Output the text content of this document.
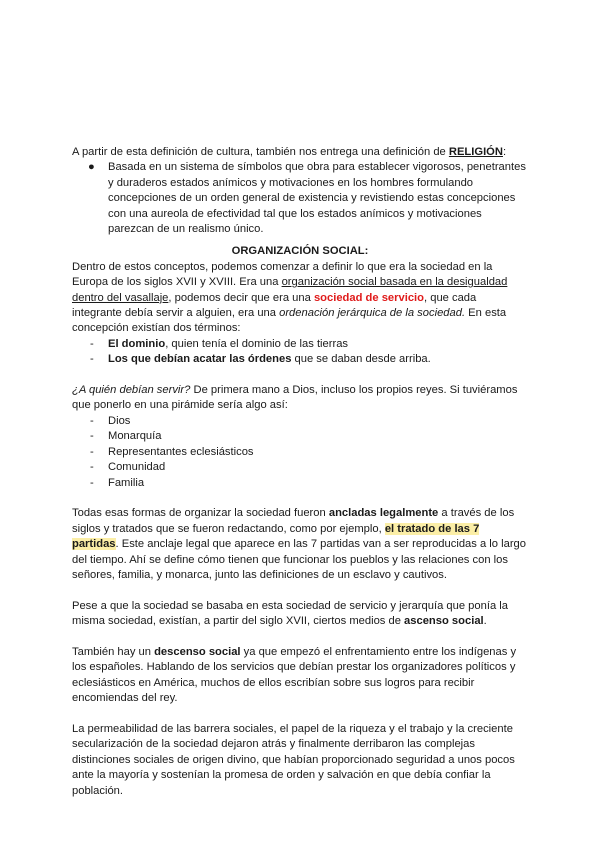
A partir de esta definición de cultura, también nos entrega una definición de RELIGIÓN:

●	Basada en un sistema de símbolos que obra para establecer vigorosos, penetrantes y duraderos estados anímicos y motivaciones en los hombres formulando concepciones de un orden general de existencia y revistiendo estas concepciones con una aureola de efectividad tal que los estados anímicos y motivaciones parezcan de un realismo único.

ORGANIZACIÓN SOCIAL:

Dentro de estos conceptos, podemos comenzar a definir lo que era la sociedad en la Europa de los siglos XVII y XVIII. Era una organización social basada en la desigualdad dentro del vasallaje, podemos decir que era una sociedad de servicio, que cada integrante debía servir a alguien, era una ordenación jerárquica de la sociedad. En esta concepción existían dos términos:

-	El dominio, quien tenía el dominio de las tierras
-	Los que debían acatar las órdenes que se daban desde arriba.

¿A quién debían servir? De primera mano a Dios, incluso los propios reyes. Si tuviéramos que ponerlo en una pirámide sería algo así:

-	Dios
-	Monarquía
-	Representantes eclesiásticos
-	Comunidad
-	Familia

Todas esas formas de organizar la sociedad fueron ancladas legalmente a través de los siglos y tratados que se fueron redactando, como por ejemplo, el tratado de las 7 partidas. Este anclaje legal que aparece en las 7 partidas van a ser reproducidas a lo largo del tiempo. Ahí se define cómo tienen que funcionar los pueblos y las relaciones con los señores, familia, y monarca, junto las definiciones de un esclavo y cautivos.

Pese a que la sociedad se basaba en esta sociedad de servicio y jerarquía que ponía la misma sociedad, existían, a partir del siglo XVII, ciertos medios de ascenso social.

También hay un descenso social ya que empezó el enfrentamiento entre los indígenas y los españoles. Hablando de los servicios que debían prestar los organizadores políticos y eclesiásticos en América, muchos de ellos escribían sobre sus logros para recibir encomiendas del rey.

La permeabilidad de las barrera sociales, el papel de la riqueza y el trabajo y la creciente secularización de la sociedad dejaron atrás y finalmente derribaron las complejas distinciones sociales de origen divino, que habían proporcionado seguridad a unos pocos ante la mayoría y sostenían la promesa de orden y salvación en que debía confiar la población.
